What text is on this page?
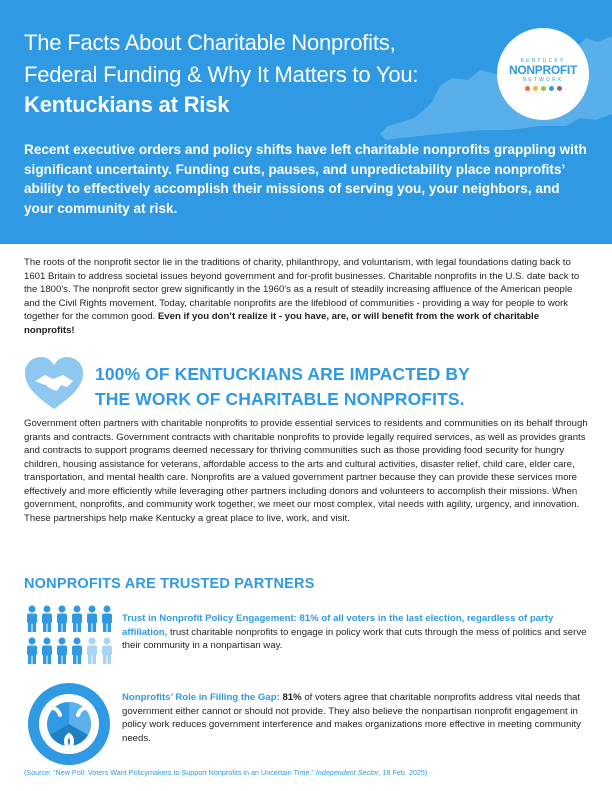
The Facts About Charitable Nonprofits,
Federal Funding & Why It Matters to You:
Kentuckians at Risk
KENTUCKY
NONPROFIT
NETWORK
Recent executive orders and policy shifts have left charitable nonprofits grappling with significant uncertainty. Funding cuts, pauses, and unpredictability place nonprofits’ ability to effectively accomplish their missions of serving you, your neighbors, and your community at risk.
The roots of the nonprofit sector lie in the traditions of charity, philanthropy, and voluntarism, with legal foundations dating back to 1601 Britain to address societal issues beyond government and for-profit businesses. Charitable nonprofits in the U.S. date back to the 1800's. The nonprofit sector grew significantly in the 1960's as a result of steadily increasing affluence of the American people and the Civil Rights movement. Today, charitable nonprofits are the lifeblood of communities - providing a way for people to work together for the common good. Even if you don’t realize it - you have, are, or will benefit from the work of charitable nonprofits!
100% OF KENTUCKIANS ARE IMPACTED BY
THE WORK OF CHARITABLE NONPROFITS.
Government often partners with charitable nonprofits to provide essential services to residents and communities on its behalf through grants and contracts. Government contracts with charitable nonprofits to provide legally required services, as well as provides grants and contracts to support programs deemed necessary for thriving communities such as those providing food security for hungry children, housing assistance for veterans, affordable access to the arts and cultural activities, disaster relief, child care, elder care, transportation, and mental health care. Nonprofits are a valued government partner because they can provide these services more effectively and more efficiently while leveraging other partners including donors and volunteers to accomplish their missions. When government, nonprofits, and community work together, we meet our most complex, vital needs with agility, urgency, and innovation. These partnerships help make Kentucky a great place to live, work, and visit.
NONPROFITS ARE TRUSTED PARTNERS
Trust in Nonprofit Policy Engagement: 81% of all voters in the last election, regardless of party affiliation, trust charitable nonprofits to engage in policy work that cuts through the mess of politics and serve their community in a nonpartisan way.
Nonprofits’ Role in Filling the Gap: 81% of voters agree that charitable nonprofits address vital needs that government either cannot or should not provide. They also believe the nonpartisan nonprofit engagement in policy work reduces government interference and makes organizations more effective in meeting community needs.
(Source: “New Poll: Voters Want Policymakers to Support Nonprofits in an Uncertain Time.” Independent Sector, 18 Feb. 2025)
